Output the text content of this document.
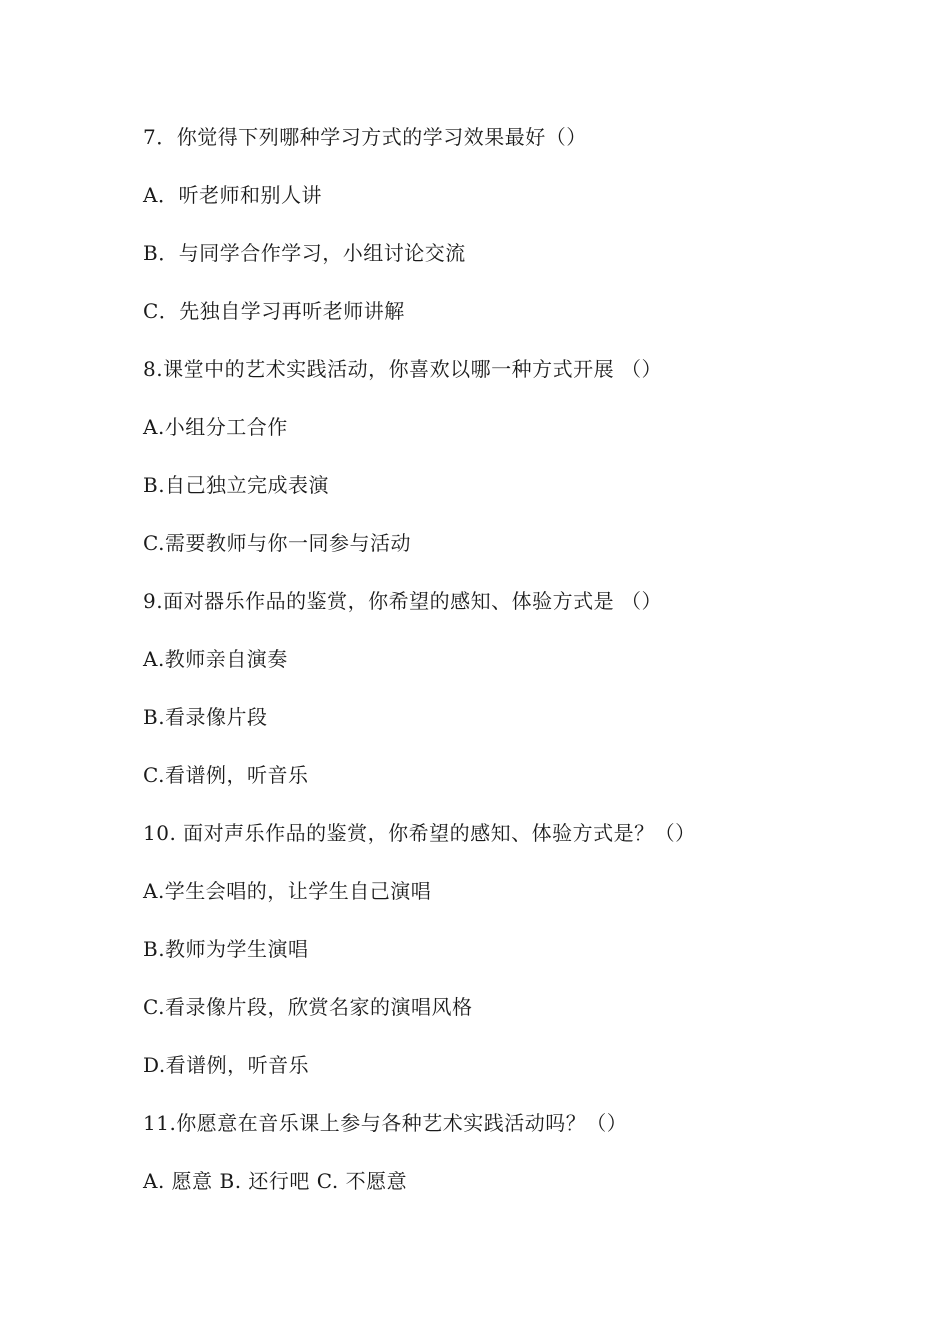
7．你觉得下列哪种学习方式的学习效果最好（）
A．听老师和别人讲
B．与同学合作学习，小组讨论交流
C．先独自学习再听老师讲解
8.课堂中的艺术实践活动，你喜欢以哪一种方式开展 （）
A.小组分工合作
B.自己独立完成表演
C.需要教师与你一同参与活动
9.面对器乐作品的鉴赏，你希望的感知、体验方式是 （）
A.教师亲自演奏
B.看录像片段
C.看谱例，听音乐
10. 面对声乐作品的鉴赏，你希望的感知、体验方式是？（）
A.学生会唱的，让学生自己演唱
B.教师为学生演唱
C.看录像片段，欣赏名家的演唱风格
D.看谱例，听音乐
11.你愿意在音乐课上参与各种艺术实践活动吗？（）
A. 愿意 B. 还行吧 C. 不愿意
